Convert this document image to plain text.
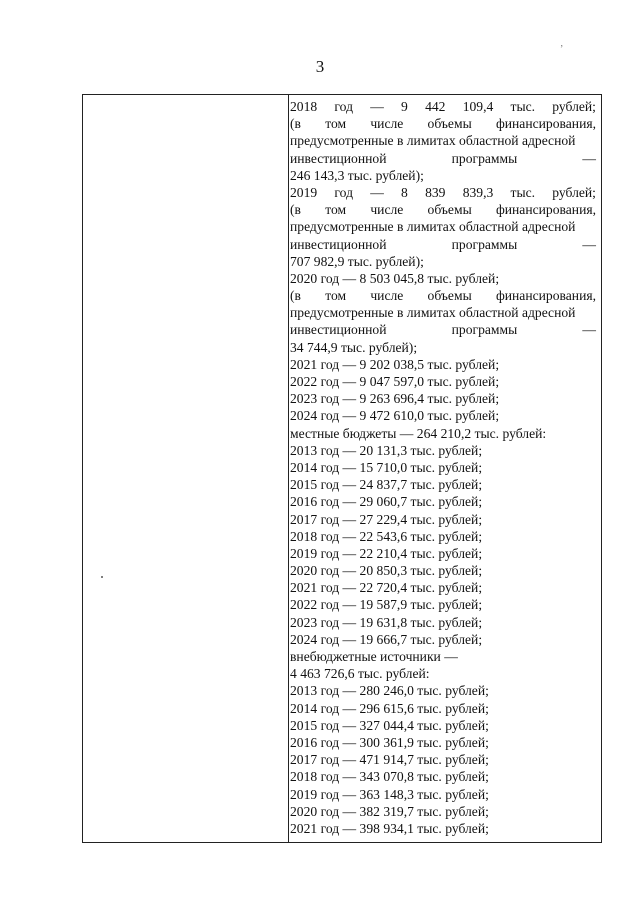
3
ʼ
2018 год — 9 442 109,4 тыс. рублей;
(в том числе объемы финансирования,
предусмотренные в лимитах областной адресной
инвестиционной	программы	—
246 143,3 тыс. рублей);
2019 год — 8 839 839,3 тыс. рублей;
(в том числе объемы финансирования,
предусмотренные в лимитах областной адресной
инвестиционной	программы	—
707 982,9 тыс. рублей);
2020 год — 8 503 045,8 тыс. рублей;
(в том числе объемы финансирования,
предусмотренные в лимитах областной адресной
инвестиционной	программы	—
34 744,9 тыс. рублей);
2021 год — 9 202 038,5 тыс. рублей;
2022 год — 9 047 597,0 тыс. рублей;
2023 год — 9 263 696,4 тыс. рублей;
2024 год — 9 472 610,0 тыс. рублей;
местные бюджеты — 264 210,2 тыс. рублей:
2013 год — 20 131,3 тыс. рублей;
2014 год — 15 710,0 тыс. рублей;
2015 год — 24 837,7 тыс. рублей;
2016 год — 29 060,7 тыс. рублей;
2017 год — 27 229,4 тыс. рублей;
2018 год — 22 543,6 тыс. рублей;
2019 год — 22 210,4 тыс. рублей;
2020 год — 20 850,3 тыс. рублей;
2021 год — 22 720,4 тыс. рублей;
2022 год — 19 587,9 тыс. рублей;
2023 год — 19 631,8 тыс. рублей;
2024 год — 19 666,7 тыс. рублей;
внебюджетные источники —
4 463 726,6 тыс. рублей:
2013 год — 280 246,0 тыс. рублей;
2014 год — 296 615,6 тыс. рублей;
2015 год — 327 044,4 тыс. рублей;
2016 год — 300 361,9 тыс. рублей;
2017 год — 471 914,7 тыс. рублей;
2018 год — 343 070,8 тыс. рублей;
2019 год — 363 148,3 тыс. рублей;
2020 год — 382 319,7 тыс. рублей;
2021 год — 398 934,1 тыс. рублей;
